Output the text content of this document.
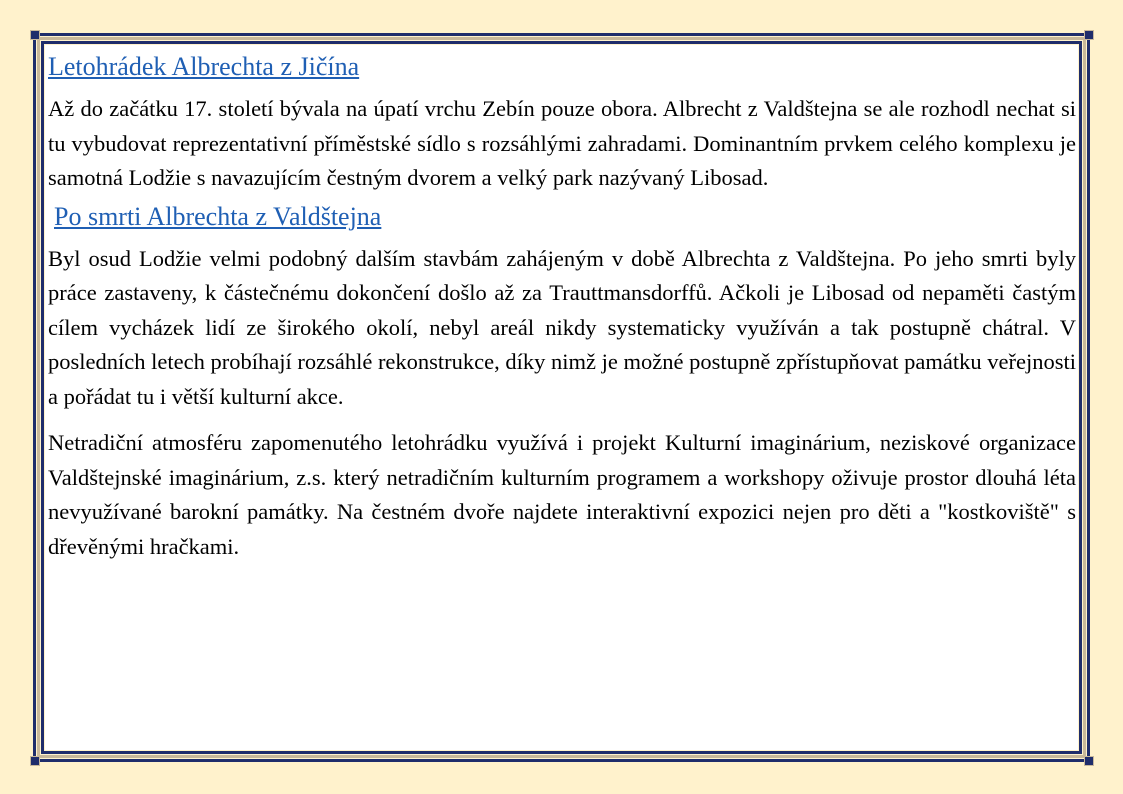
Letohrádek Albrechta z Jičína

Až do začátku 17. století bývala na úpatí vrchu Zebín pouze obora. Albrecht z Valdštejna se ale rozhodl nechat si tu vybudovat reprezentativní příměstské sídlo s rozsáhlými zahradami. Dominantním prvkem celého komplexu je samotná Lodžie s navazujícím čestným dvorem a velký park nazývaný Libosad.

Po smrti Albrechta z Valdštejna

Byl osud Lodžie velmi podobný dalším stavbám zahájeným v době Albrechta z Valdštejna. Po jeho smrti byly práce zastaveny, k částečnému dokončení došlo až za Trauttmansdorffů. Ačkoli je Libosad od nepaměti častým cílem vycházek lidí ze širokého okolí, nebyl areál nikdy systematicky využíván a tak postupně chátral. V posledních letech probíhají rozsáhlé rekonstrukce, díky nimž je možné postupně zpřístupňovat památku veřejnosti a pořádat tu i větší kulturní akce.

Netradiční atmosféru zapomenutého letohrádku využívá i projekt Kulturní imaginárium, neziskové organizace Valdštejnské imaginárium, z.s. který netradičním kulturním programem a workshopy oživuje prostor dlouhá léta nevyužívané barokní památky. Na čestném dvoře najdete interaktivní expozici nejen pro děti a "kostkoviště" s dřevěnými hračkami.
